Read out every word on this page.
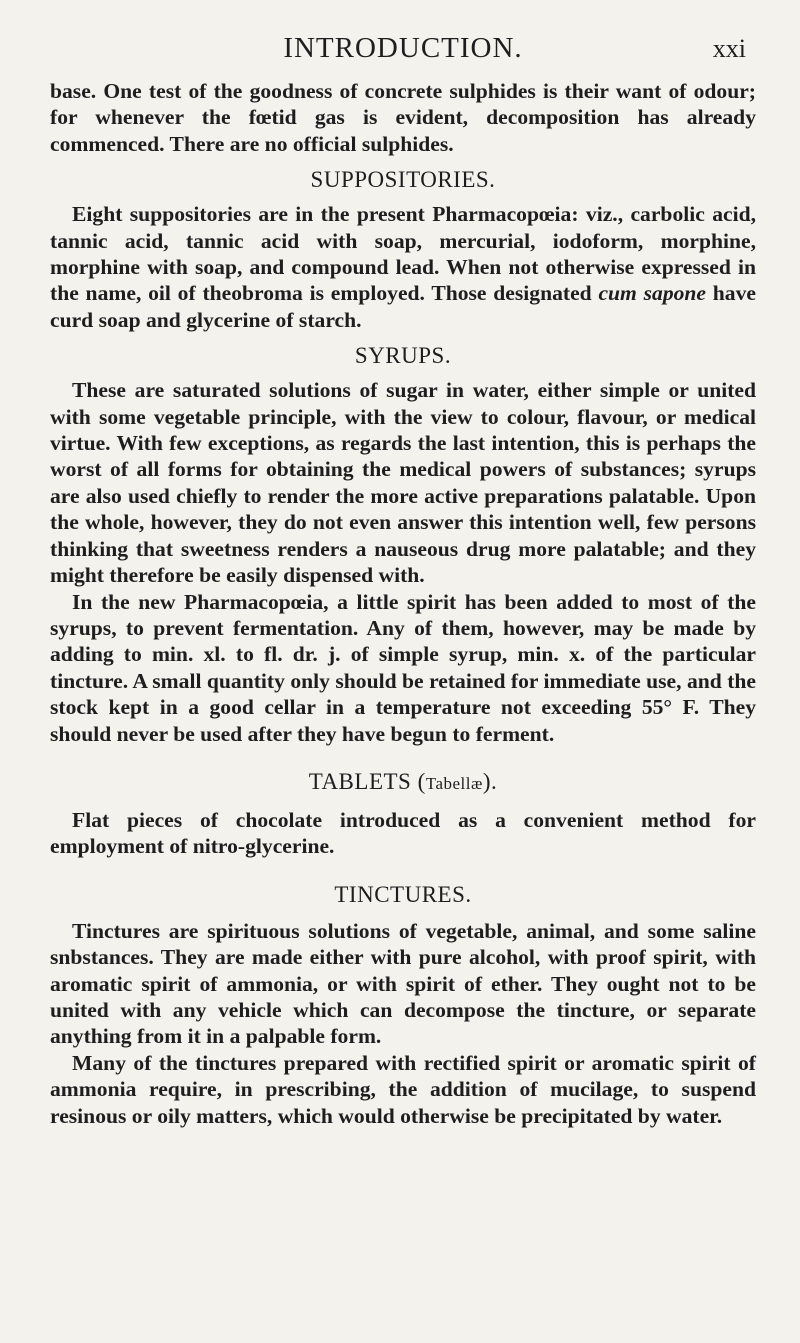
INTRODUCTION.	xxi

base. One test of the goodness of concrete sulphides is their want of odour; for whenever the fœtid gas is evident, decomposition has already commenced. There are no official sulphides.

SUPPOSITORIES.

Eight suppositories are in the present Pharmacopœia: viz., carbolic acid, tannic acid, tannic acid with soap, mercurial, iodoform, morphine, morphine with soap, and compound lead. When not otherwise expressed in the name, oil of theobroma is employed. Those designated cum sapone have curd soap and glycerine of starch.

SYRUPS.

These are saturated solutions of sugar in water, either simple or united with some vegetable principle, with the view to colour, flavour, or medical virtue. With few exceptions, as regards the last intention, this is perhaps the worst of all forms for obtaining the medical powers of substances; syrups are also used chiefly to render the more active preparations palatable. Upon the whole, however, they do not even answer this intention well, few persons thinking that sweetness renders a nauseous drug more palatable; and they might therefore be easily dispensed with.

In the new Pharmacopœia, a little spirit has been added to most of the syrups, to prevent fermentation. Any of them, however, may be made by adding to min. xl. to fl. dr. j. of simple syrup, min. x. of the particular tincture. A small quantity only should be retained for immediate use, and the stock kept in a good cellar in a temperature not exceeding 55° F. They should never be used after they have begun to ferment.

TABLETS (Tabellæ).

Flat pieces of chocolate introduced as a convenient method for employment of nitro-glycerine.

TINCTURES.

Tinctures are spirituous solutions of vegetable, animal, and some saline snbstances. They are made either with pure alcohol, with proof spirit, with aromatic spirit of ammonia, or with spirit of ether. They ought not to be united with any vehicle which can decompose the tincture, or separate anything from it in a palpable form.

Many of the tinctures prepared with rectified spirit or aromatic spirit of ammonia require, in prescribing, the addition of mucilage, to suspend resinous or oily matters, which would otherwise be precipitated by water.
